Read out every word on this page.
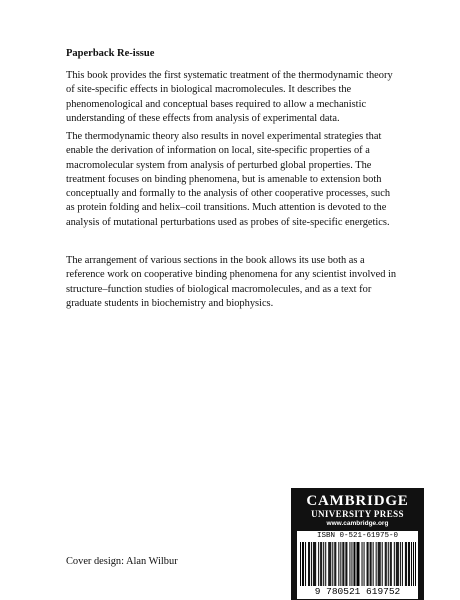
Paperback Re-issue

This book provides the first systematic treatment of the thermodynamic theory
of site-specific effects in biological macromolecules. It describes the
phenomenological and conceptual bases required to allow a mechanistic
understanding of these effects from analysis of experimental data.

The thermodynamic theory also results in novel experimental strategies that
enable the derivation of information on local, site-specific properties of a
macromolecular system from analysis of perturbed global properties. The
treatment focuses on binding phenomena, but is amenable to extension both
conceptually and formally to the analysis of other cooperative processes, such
as protein folding and helix–coil transitions. Much attention is devoted to the
analysis of mutational perturbations used as probes of site-specific energetics.

The arrangement of various sections in the book allows its use both as a
reference work on cooperative binding phenomena for any scientist involved in
structure–function studies of biological macromolecules, and as a text for
graduate students in biochemistry and biophysics.

Cover design: Alan Wilbur

CAMBRIDGE
UNIVERSITY PRESS
www.cambridge.org
ISBN 0-521-61975-0
9 780521 619752
